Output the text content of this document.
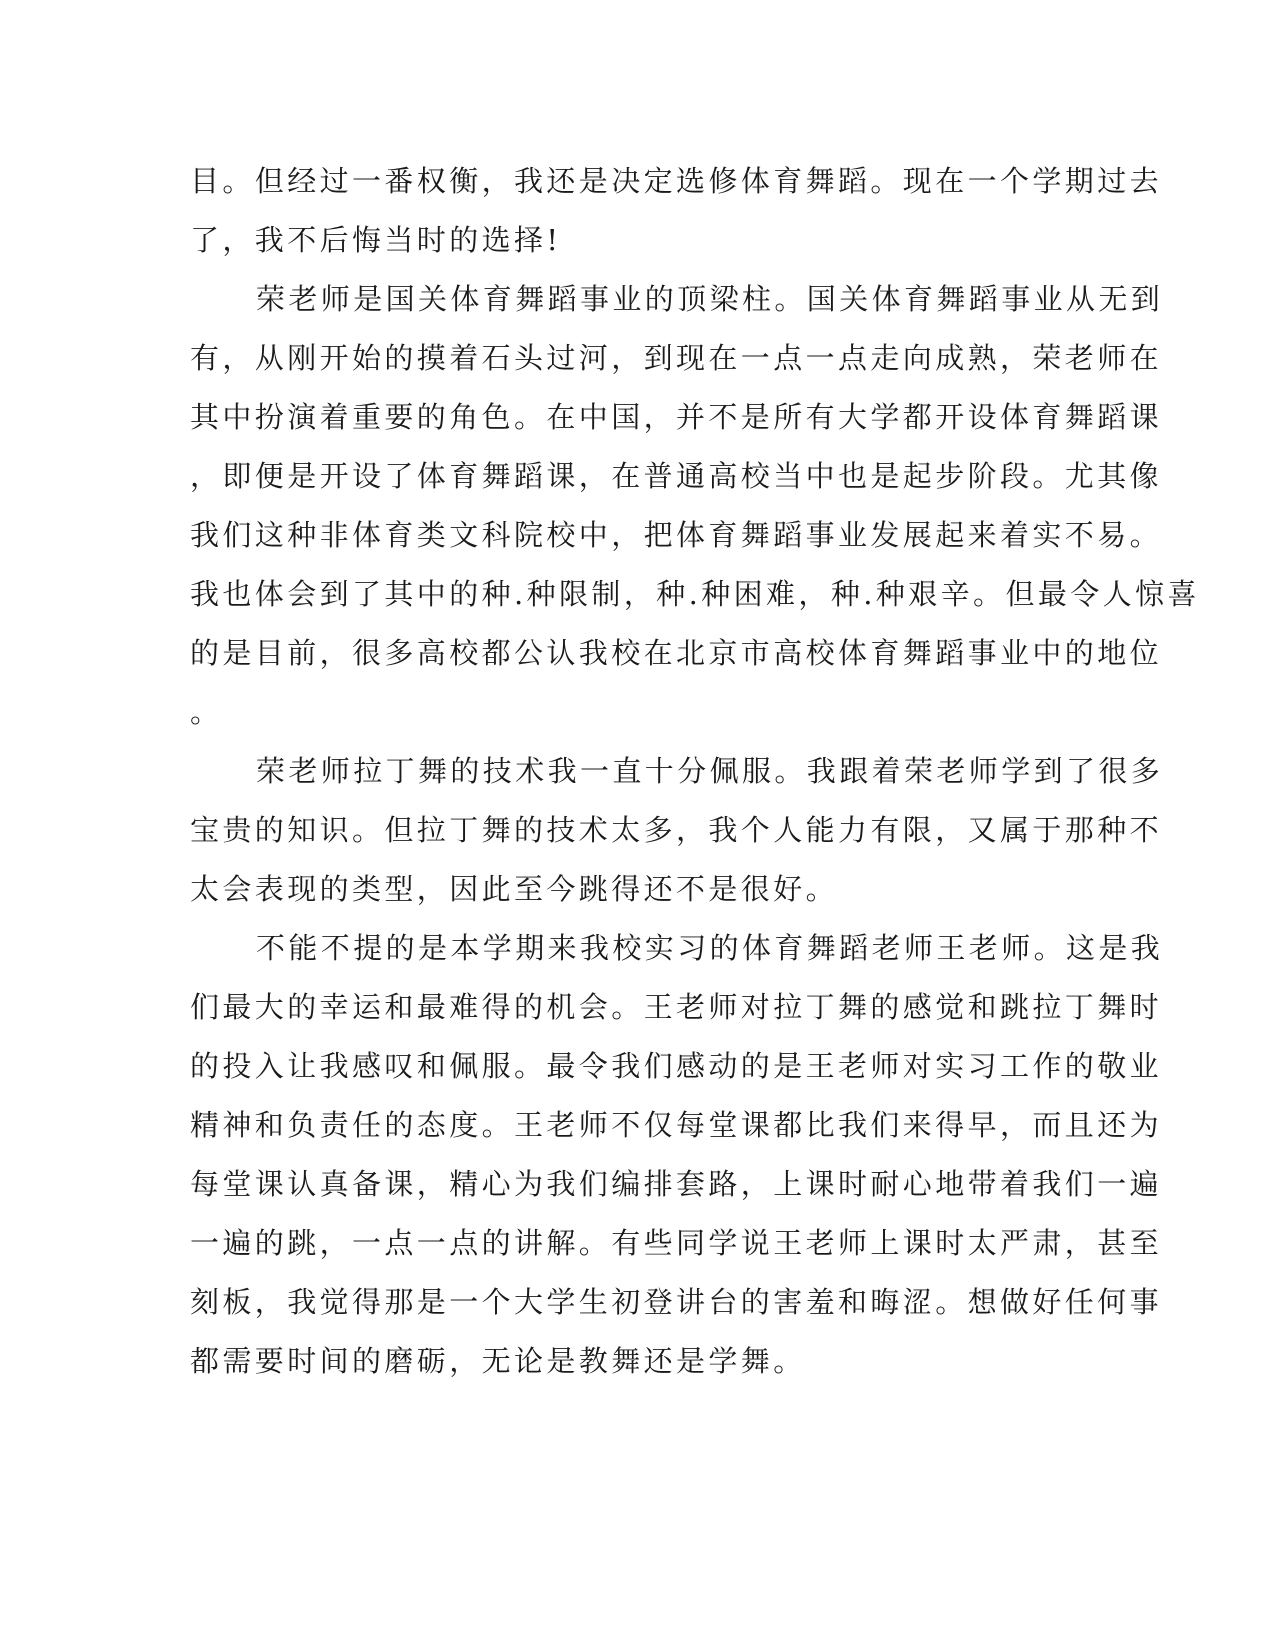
目。但经过一番权衡，我还是决定选修体育舞蹈。现在一个学期过去
了，我不后悔当时的选择!
荣老师是国关体育舞蹈事业的顶梁柱。国关体育舞蹈事业从无到
有，从刚开始的摸着石头过河，到现在一点一点走向成熟，荣老师在
其中扮演着重要的角色。在中国，并不是所有大学都开设体育舞蹈课
，即便是开设了体育舞蹈课，在普通高校当中也是起步阶段。尤其像
我们这种非体育类文科院校中，把体育舞蹈事业发展起来着实不易。
我也体会到了其中的种.种限制，种.种困难，种.种艰辛。但最令人惊喜
的是目前，很多高校都公认我校在北京市高校体育舞蹈事业中的地位
。
荣老师拉丁舞的技术我一直十分佩服。我跟着荣老师学到了很多
宝贵的知识。但拉丁舞的技术太多，我个人能力有限，又属于那种不
太会表现的类型，因此至今跳得还不是很好。
不能不提的是本学期来我校实习的体育舞蹈老师王老师。这是我
们最大的幸运和最难得的机会。王老师对拉丁舞的感觉和跳拉丁舞时
的投入让我感叹和佩服。最令我们感动的是王老师对实习工作的敬业
精神和负责任的态度。王老师不仅每堂课都比我们来得早，而且还为
每堂课认真备课，精心为我们编排套路，上课时耐心地带着我们一遍
一遍的跳，一点一点的讲解。有些同学说王老师上课时太严肃，甚至
刻板，我觉得那是一个大学生初登讲台的害羞和晦涩。想做好任何事
都需要时间的磨砺，无论是教舞还是学舞。
